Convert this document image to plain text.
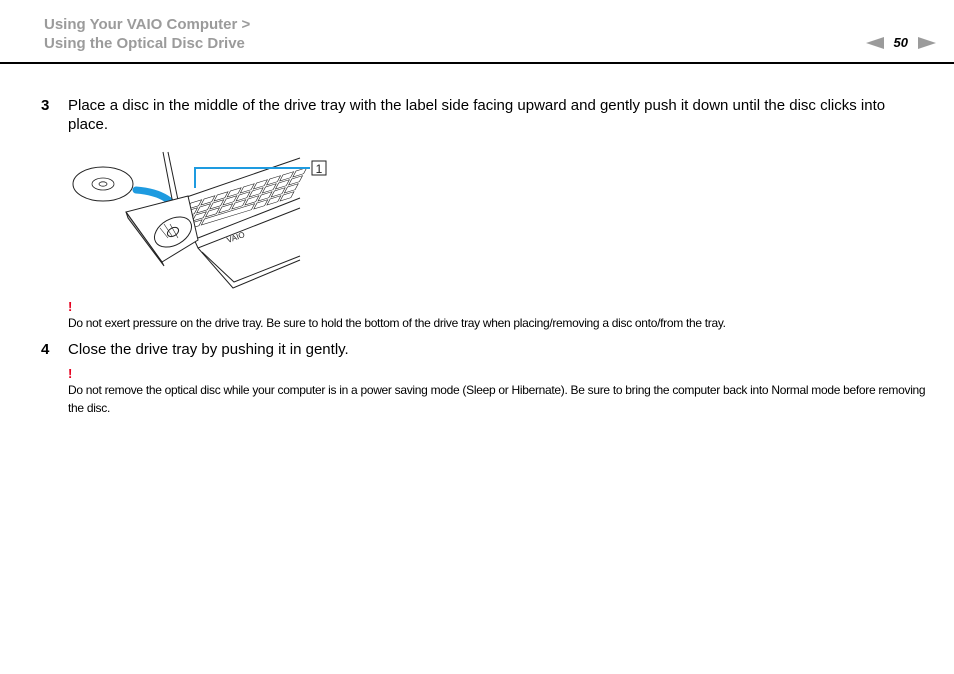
Using Your VAIO Computer >
Using the Optical Disc Drive	50
3 Place a disc in the middle of the drive tray with the label side facing upward and gently push it down until the disc clicks into place.
VAIO
1
!
Do not exert pressure on the drive tray. Be sure to hold the bottom of the drive tray when placing/removing a disc onto/from the tray.
4 Close the drive tray by pushing it in gently.
!
Do not remove the optical disc while your computer is in a power saving mode (Sleep or Hibernate). Be sure to bring the computer back into Normal mode before removing the disc.
